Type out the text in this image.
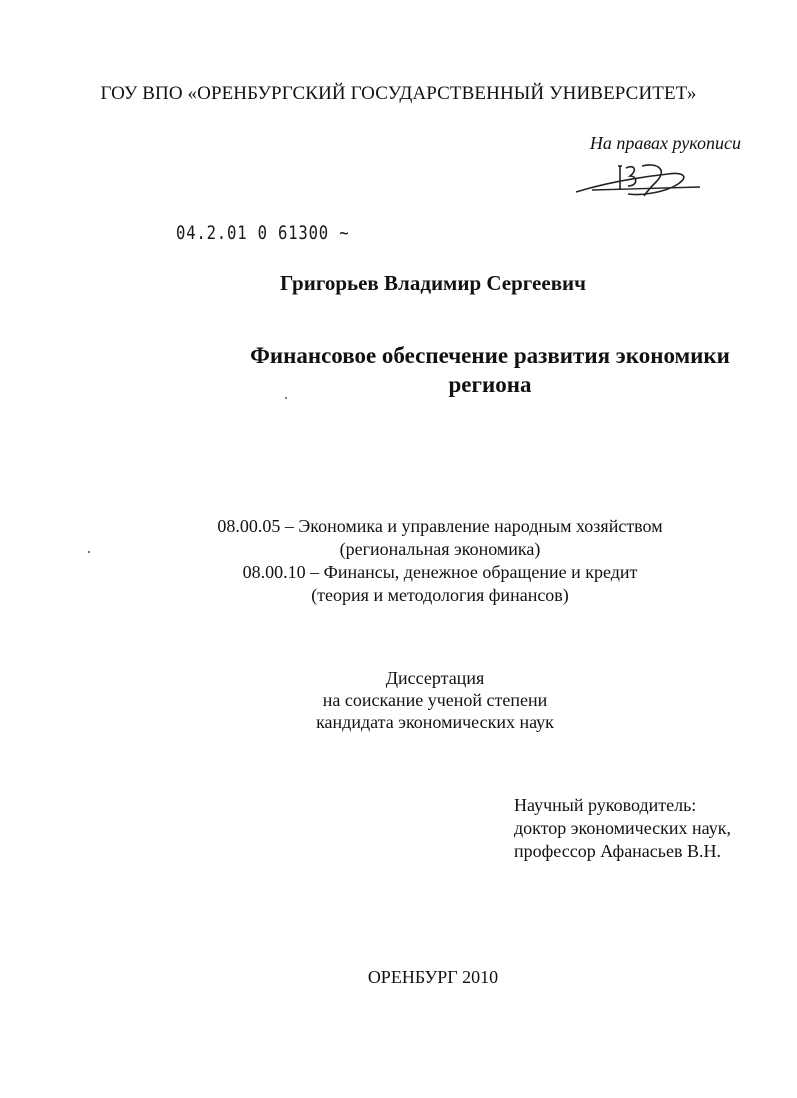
ГОУ ВПО «ОРЕНБУРГСКИЙ ГОСУДАРСТВЕННЫЙ УНИВЕРСИТЕТ»
На правах рукописи
04.2.01 0 61300 ~
Григорьев Владимир Сергеевич
Финансовое обеспечение развития экономики
региона
08.00.05 – Экономика и управление народным хозяйством
(региональная экономика)
08.00.10 – Финансы, денежное обращение и кредит
(теория и методология финансов)
Диссертация
на соискание ученой степени
кандидата экономических наук
Научный руководитель:
доктор экономических наук,
профессор Афанасьев В.Н.
ОРЕНБУРГ 2010
